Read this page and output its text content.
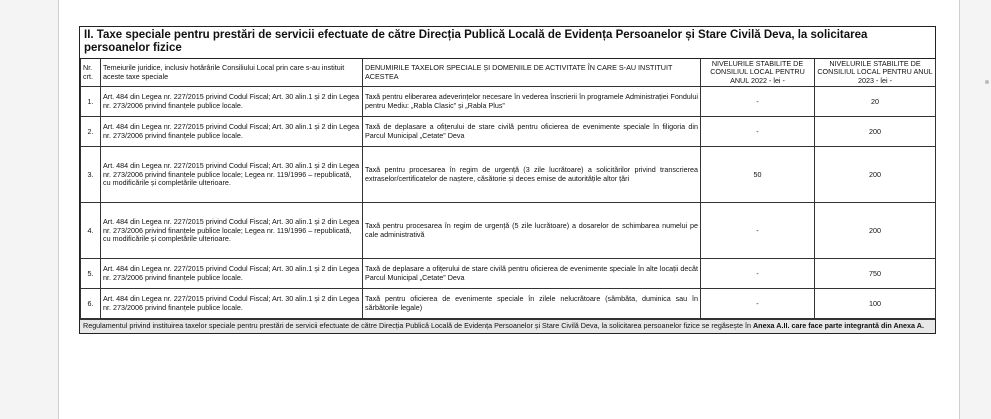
II. Taxe speciale pentru prestări de servicii efectuate de către Direcția Publică Locală de Evidența Persoanelor și Stare Civilă Deva, la solicitarea persoanelor fizice
Nr. crt.	Temeiurile juridice, inclusiv hotărârile Consiliului Local prin care s-au instituit aceste taxe speciale	DENUMIRILE TAXELOR SPECIALE ȘI DOMENIILE DE ACTIVITATE ÎN CARE S-AU INSTITUIT ACESTEA	NIVELURILE STABILITE DE CONSILIUL LOCAL PENTRU ANUL 2022 - lei -	NIVELURILE STABILITE DE CONSILIUL LOCAL PENTRU ANUL 2023 - lei -
1.	Art. 484 din Legea nr. 227/2015 privind Codul Fiscal; Art. 30 alin.1 și 2 din Legea nr. 273/2006 privind finanțele publice locale.	Taxă pentru eliberarea adeverințelor necesare în vederea înscrierii în programele Administrației Fondului pentru Mediu: „Rabla Clasic” și „Rabla Plus”	-	20
2.	Art. 484 din Legea nr. 227/2015 privind Codul Fiscal; Art. 30 alin.1 și 2 din Legea nr. 273/2006 privind finanțele publice locale.	Taxă de deplasare a ofițerului de stare civilă pentru oficierea de evenimente speciale în filigoria din Parcul Municipal „Cetate” Deva	-	200
3.	Art. 484 din Legea nr. 227/2015 privind Codul Fiscal; Art. 30 alin.1 și 2 din Legea nr. 273/2006 privind finanțele publice locale; Legea nr. 119/1996 – republicată, cu modificările și completările ulterioare.	Taxă pentru procesarea în regim de urgență (3 zile lucrătoare) a solicitărilor privind transcrierea extraselor/certificatelor de naștere, căsătorie și deces emise de autoritățile altor țări	50	200
4.	Art. 484 din Legea nr. 227/2015 privind Codul Fiscal; Art. 30 alin.1 și 2 din Legea nr. 273/2006 privind finanțele publice locale; Legea nr. 119/1996 – republicată, cu modificările și completările ulterioare.	Taxă pentru procesarea în regim de urgență (5 zile lucrătoare) a dosarelor de schimbarea numelui pe cale administrativă	-	200
5.	Art. 484 din Legea nr. 227/2015 privind Codul Fiscal; Art. 30 alin.1 și 2 din Legea nr. 273/2006 privind finanțele publice locale.	Taxă de deplasare a ofițerului de stare civilă pentru oficierea de evenimente speciale în alte locații decât Parcul Municipal „Cetate” Deva	-	750
6.	Art. 484 din Legea nr. 227/2015 privind Codul Fiscal; Art. 30 alin.1 și 2 din Legea nr. 273/2006 privind finanțele publice locale.	Taxă pentru oficierea de evenimente speciale în zilele nelucrătoare (sâmbăta, duminica sau în sărbătorile legale)	-	100
Regulamentul privind instituirea taxelor speciale pentru prestări de servicii efectuate de către Direcția Publică Locală de Evidența Persoanelor și Stare Civilă Deva, la solicitarea persoanelor fizice se regăsește în Anexa A.II. care face parte integrantă din Anexa A.
